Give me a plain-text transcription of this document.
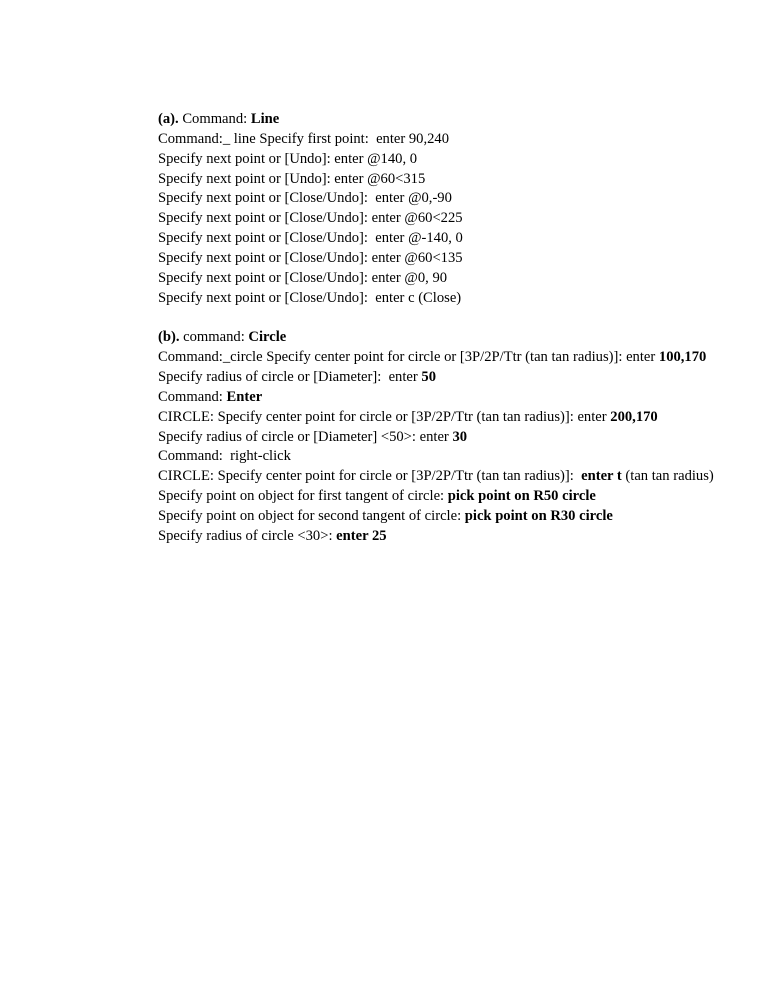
(a). Command: Line

Command:_ line Specify first point:  enter 90,240

Specify next point or [Undo]: enter @140, 0

Specify next point or [Undo]: enter @60<315

Specify next point or [Close/Undo]:  enter @0,-90

Specify next point or [Close/Undo]: enter @60<225

Specify next point or [Close/Undo]:  enter @-140, 0

Specify next point or [Close/Undo]: enter @60<135

Specify next point or [Close/Undo]: enter @0, 90

Specify next point or [Close/Undo]:  enter c (Close)

(b). command: Circle

Command:_circle Specify center point for circle or [3P/2P/Ttr (tan tan radius)]: enter 100,170

Specify radius of circle or [Diameter]:  enter 50

Command: Enter

CIRCLE: Specify center point for circle or [3P/2P/Ttr (tan tan radius)]: enter 200,170

Specify radius of circle or [Diameter] <50>: enter 30

Command:  right-click

CIRCLE: Specify center point for circle or [3P/2P/Ttr (tan tan radius)]:  enter t (tan tan radius)

Specify point on object for first tangent of circle: pick point on R50 circle

Specify point on object for second tangent of circle: pick point on R30 circle

Specify radius of circle <30>: enter 25
